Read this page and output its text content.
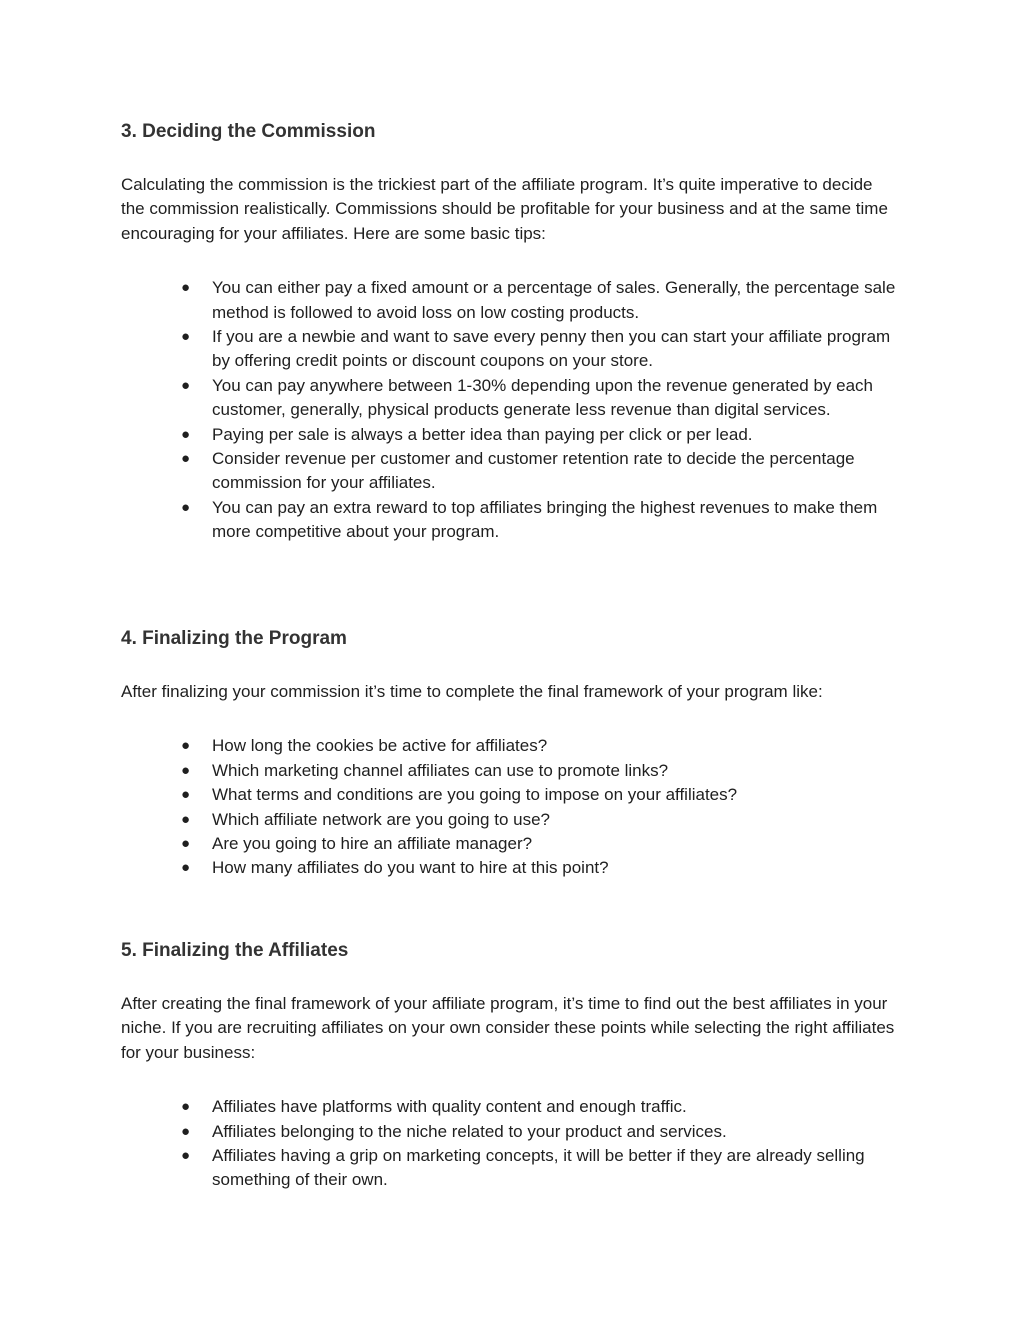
3. Deciding the Commission

Calculating the commission is the trickiest part of the affiliate program. It’s quite imperative to decide the commission realistically. Commissions should be profitable for your business and at the same time encouraging for your affiliates. Here are some basic tips:

● You can either pay a fixed amount or a percentage of sales. Generally, the percentage sale method is followed to avoid loss on low costing products.
● If you are a newbie and want to save every penny then you can start your affiliate program by offering credit points or discount coupons on your store.
● You can pay anywhere between 1-30% depending upon the revenue generated by each customer, generally, physical products generate less revenue than digital services.
● Paying per sale is always a better idea than paying per click or per lead.
● Consider revenue per customer and customer retention rate to decide the percentage commission for your affiliates.
● You can pay an extra reward to top affiliates bringing the highest revenues to make them more competitive about your program.
4. Finalizing the Program

After finalizing your commission it’s time to complete the final framework of your program like:

● How long the cookies be active for affiliates?
● Which marketing channel affiliates can use to promote links?
● What terms and conditions are you going to impose on your affiliates?
● Which affiliate network are you going to use?
● Are you going to hire an affiliate manager?
● How many affiliates do you want to hire at this point?
5. Finalizing the Affiliates

After creating the final framework of your affiliate program, it’s time to find out the best affiliates in your niche. If you are recruiting affiliates on your own consider these points while selecting the right affiliates for your business:

● Affiliates have platforms with quality content and enough traffic.
● Affiliates belonging to the niche related to your product and services.
● Affiliates having a grip on marketing concepts, it will be better if they are already selling something of their own.
